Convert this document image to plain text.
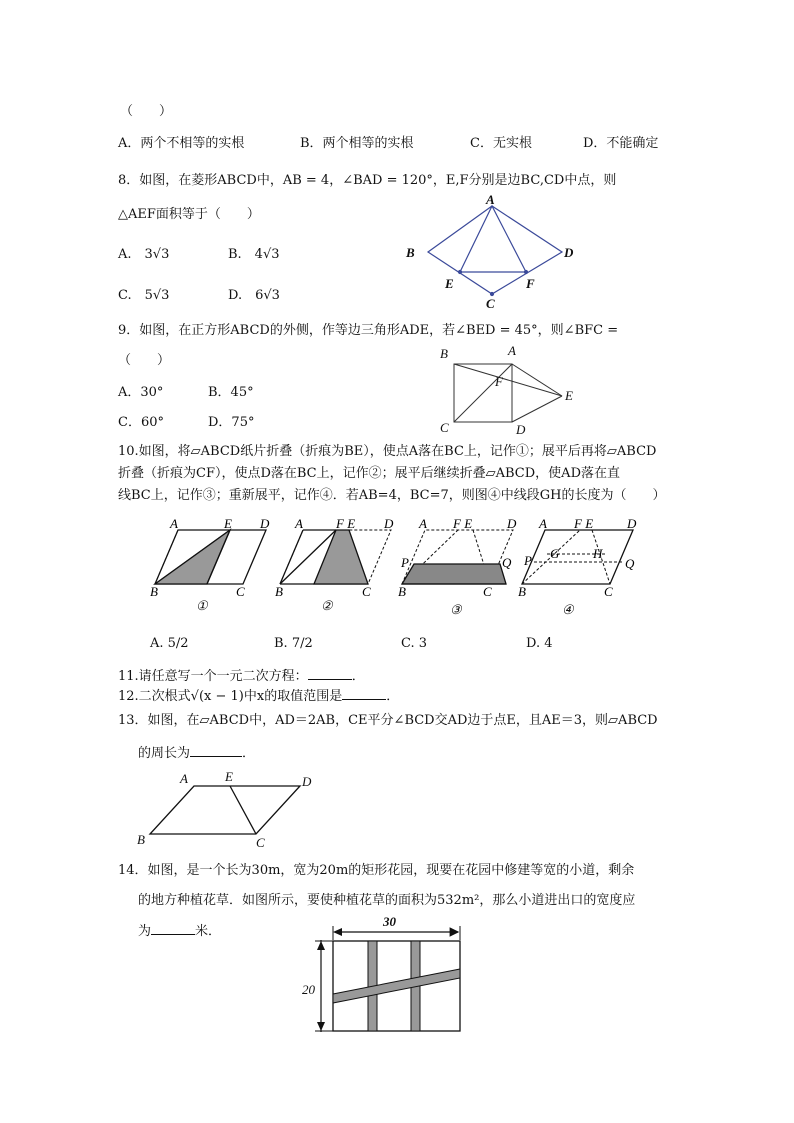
（　　）
A．两个不相等的实根	B．两个相等的实根	C．无实根	D．不能确定
8．如图，在菱形ABCD中，AB = 4，∠BAD = 120°，E,F分别是边BC,CD中点，则
△AEF面积等于（　　）
A.　3√3	B.　4√3
C.　5√3	D.　6√3
A
B	D
E	F
C
9．如图，在正方形ABCD的外侧，作等边三角形ADE，若∠BED = 45°，则∠BFC =
（　　）
A．30°	B．45°
C．60°	D．75°
B	A
F
E
C	D
10.如图，将▱ABCD纸片折叠（折痕为BE），使点A落在BC上，记作①；展平后再将▱ABCD
折叠（折痕为CF），使点D落在BC上，记作②；展平后继续折叠▱ABCD，使AD落在直
线BC上，记作③；重新展平，记作④．若AB=4，BC=7，则图④中线段GH的长度为（　　）
A	E D
B	C
A	F E D
B	C
A F E	D
P	Q
B	C
A F E	D
G	H
P	Q
B	C
①	②	③	④
A. 5/2	B. 7/2	C. 3	D. 4
11.请任意写一个一元二次方程：	．
12.二次根式√(x − 1)中x的取值范围是	．
13．如图，在▱ABCD中，AD＝2AB，CE平分∠BCD交AD边于点E，且AE＝3，则▱ABCD
的周长为	．
A	E	D
B	C
14．如图，是一个长为30m，宽为20m的矩形花园，现要在花园中修建等宽的小道，剩余
的地方种植花草．如图所示，要使种植花草的面积为532m²，那么小道进出口的宽度应
为	米．
30
20
